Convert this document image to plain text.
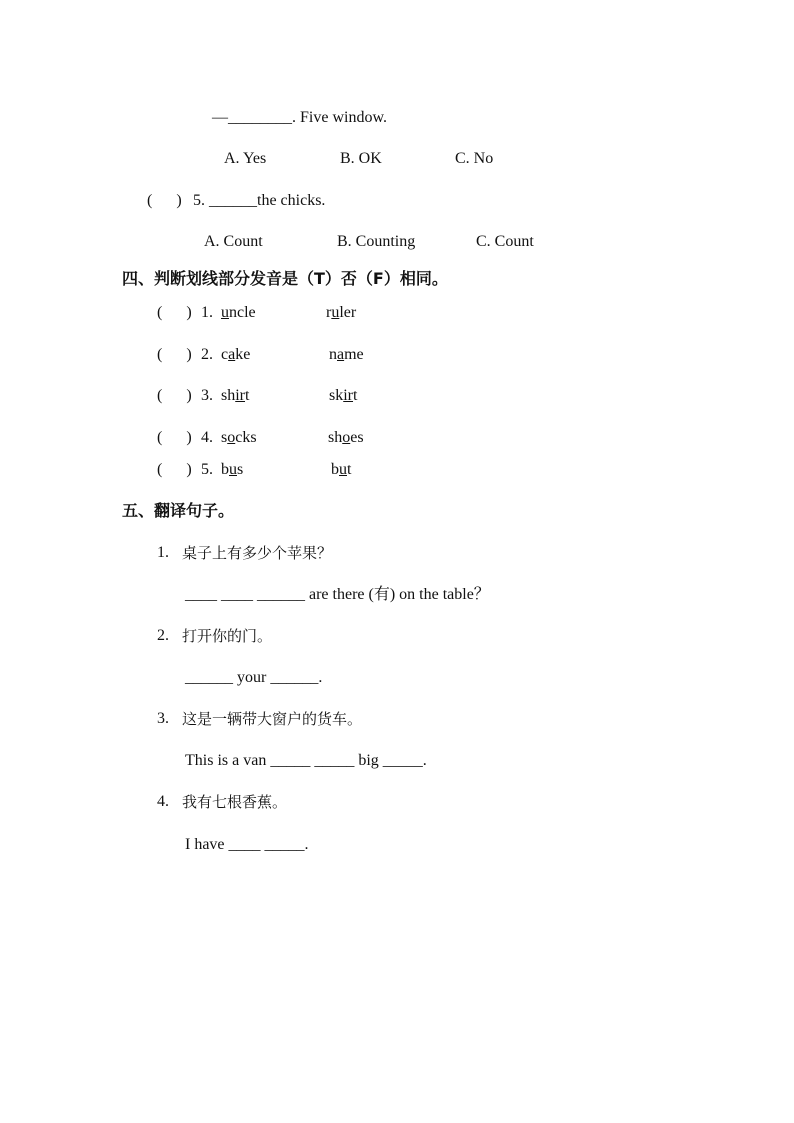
—________. Five window.
A. Yes	B. OK	C. No
(      ) 5. ______the chicks.
A. Count	B. Counting	C. Count
四、判断划线部分发音是（T）否（F）相同。
(      ) 1. uncle	ruler
(      ) 2. cake	name
(      ) 3. shirt	skirt
(      ) 4. socks	shoes
(      ) 5. bus	but
五、翻译句子。
1. 桌子上有多少个苹果？
____ ____ ______ are there (有) on the table？
2. 打开你的门。
______ your ______.
3. 这是一辆带大窗户的货车。
This is a van _____ _____ big _____.
4. 我有七根香蕉。
I have ____ _____.
